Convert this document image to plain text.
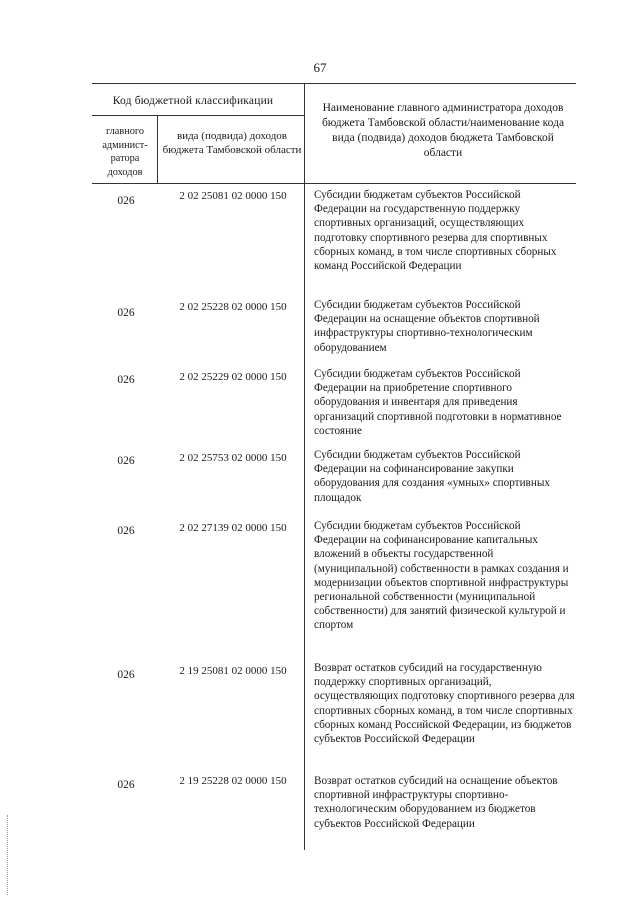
67
Код бюджетной классификации
главного админист-ратора доходов
вида (подвида) доходов бюджета Тамбовской области
Наименование главного администратора доходов бюджета Тамбовской области/наименование кода вида (подвида) доходов бюджета Тамбовской области
026	2 02 25081 02 0000 150	Субсидии бюджетам субъектов Российской Федерации на государственную поддержку спортивных организаций, осуществляющих подготовку спортивного резерва для спортивных сборных команд, в том числе спортивных сборных команд Российской Федерации
026	2 02 25228 02 0000 150	Субсидии бюджетам субъектов Российской Федерации на оснащение объектов спортивной инфраструктуры спортивно-технологическим оборудованием
026	2 02 25229 02 0000 150	Субсидии бюджетам субъектов Российской Федерации на приобретение спортивного оборудования и инвентаря для приведения организаций спортивной подготовки в нормативное состояние
026	2 02 25753 02 0000 150	Субсидии бюджетам субъектов Российской Федерации на софинансирование закупки оборудования для создания «умных» спортивных площадок
026	2 02 27139 02 0000 150	Субсидии бюджетам субъектов Российской Федерации на софинансирование капитальных вложений в объекты государственной (муниципальной) собственности в рамках создания и модернизации объектов спортивной инфраструктуры региональной собственности (муниципальной собственности) для занятий физической культурой и спортом
026	2 19 25081 02 0000 150	Возврат остатков субсидий на государственную поддержку спортивных организаций, осуществляющих подготовку спортивного резерва для спортивных сборных команд, в том числе спортивных сборных команд Российской Федерации, из бюджетов субъектов Российской Федерации
026	2 19 25228 02 0000 150	Возврат остатков субсидий на оснащение объектов спортивной инфраструктуры спортивно-технологическим оборудованием из бюджетов субъектов Российской Федерации
